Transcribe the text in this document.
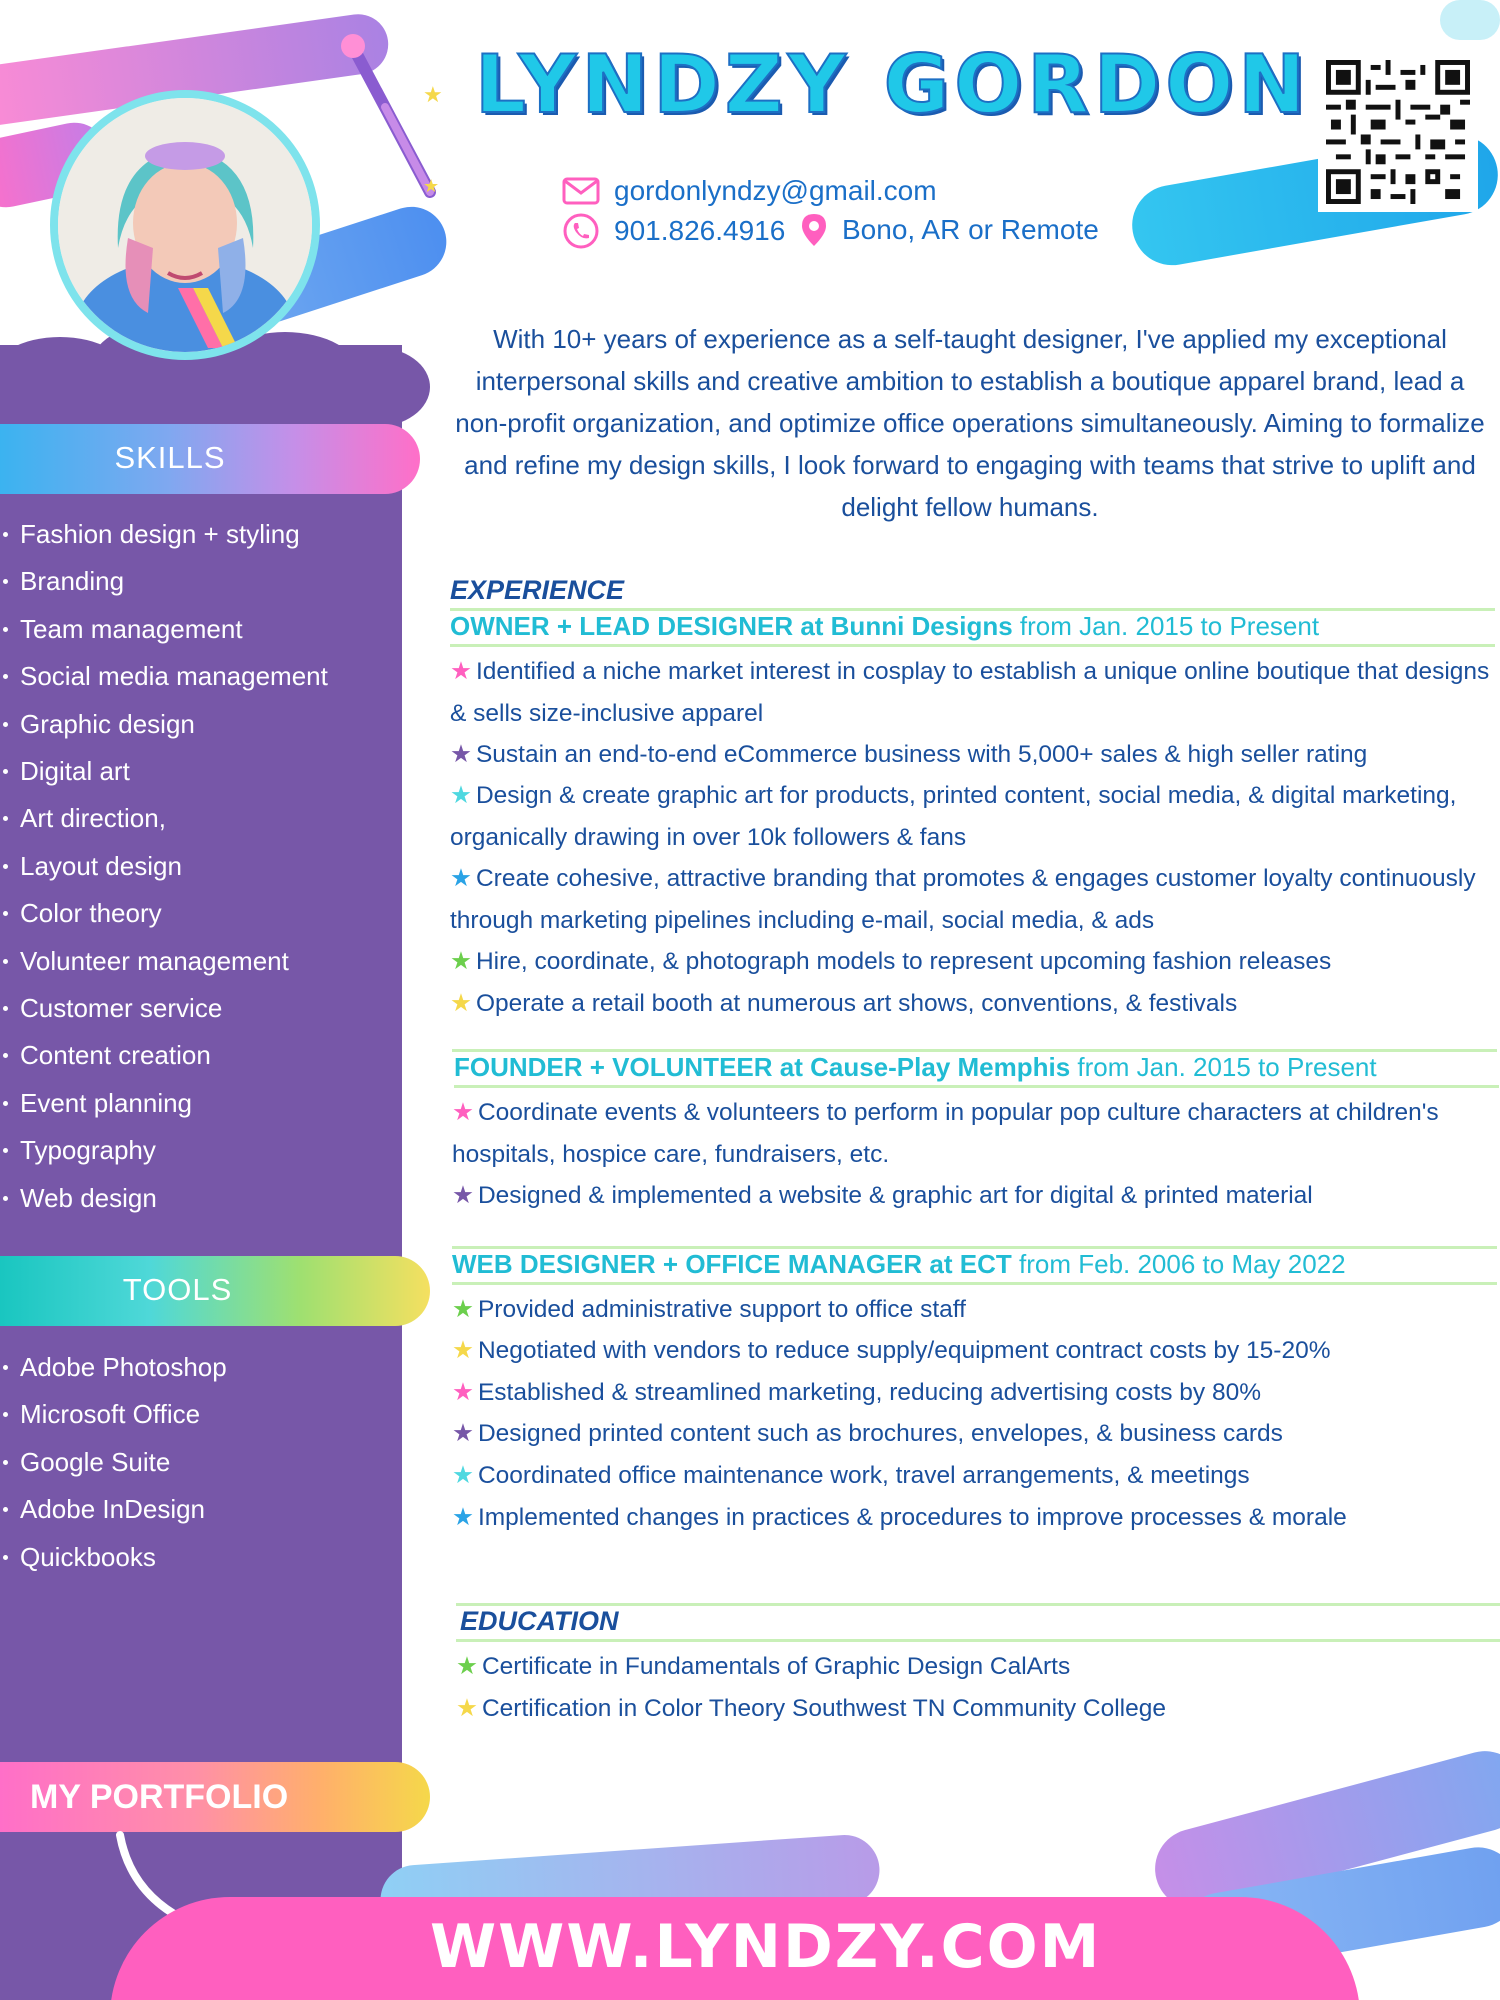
★
★
LYNDZY GORDON
gordonlyndzy@gmail.com
901.826.4916 Bono, AR or Remote

With 10+ years of experience as a self-taught designer, I've applied my exceptional interpersonal skills and creative ambition to establish a boutique apparel brand, lead a non-profit organization, and optimize office operations simultaneously. Aiming to formalize and refine my design skills, I look forward to engaging with teams that strive to uplift and delight fellow humans.

SKILLS
Fashion design + styling
Branding
Team management
Social media management
Graphic design
Digital art
Art direction,
Layout design
Color theory
Volunteer management
Customer service
Content creation
Event planning
Typography
Web design
TOOLS
Adobe Photoshop
Microsoft Office
Google Suite
Adobe InDesign
Quickbooks
EXPERIENCE
OWNER + LEAD DESIGNER at Bunni Designs from Jan. 2015 to Present
★ Identified a niche market interest in cosplay to establish a unique online boutique that designs & sells size-inclusive apparel
★ Sustain an end-to-end eCommerce business with 5,000+ sales & high seller rating
★ Design & create graphic art for products, printed content, social media, & digital marketing, organically drawing in over 10k followers & fans
★ Create cohesive, attractive branding that promotes & engages customer loyalty continuously through marketing pipelines including e-mail, social media, & ads
★ Hire, coordinate, & photograph models to represent upcoming fashion releases
★ Operate a retail booth at numerous art shows, conventions, & festivals
FOUNDER + VOLUNTEER at Cause-Play Memphis from Jan. 2015 to Present
★ Coordinate events & volunteers to perform in popular pop culture characters at children's hospitals, hospice care, fundraisers, etc.
★ Designed & implemented a website & graphic art for digital & printed material
WEB DESIGNER + OFFICE MANAGER at ECT from Feb. 2006 to May 2022
★ Provided administrative support to office staff
★ Negotiated with vendors to reduce supply/equipment contract costs by 15-20%
★ Established & streamlined marketing, reducing advertising costs by 80%
★ Designed printed content such as brochures, envelopes, & business cards
★ Coordinated office maintenance work, travel arrangements, & meetings
★ Implemented changes in practices & procedures to improve processes & morale
EDUCATION
★ Certificate in Fundamentals of Graphic Design CalArts
★ Certification in Color Theory Southwest TN Community College
MY PORTFOLIO
WWW.LYNDZY.COM
